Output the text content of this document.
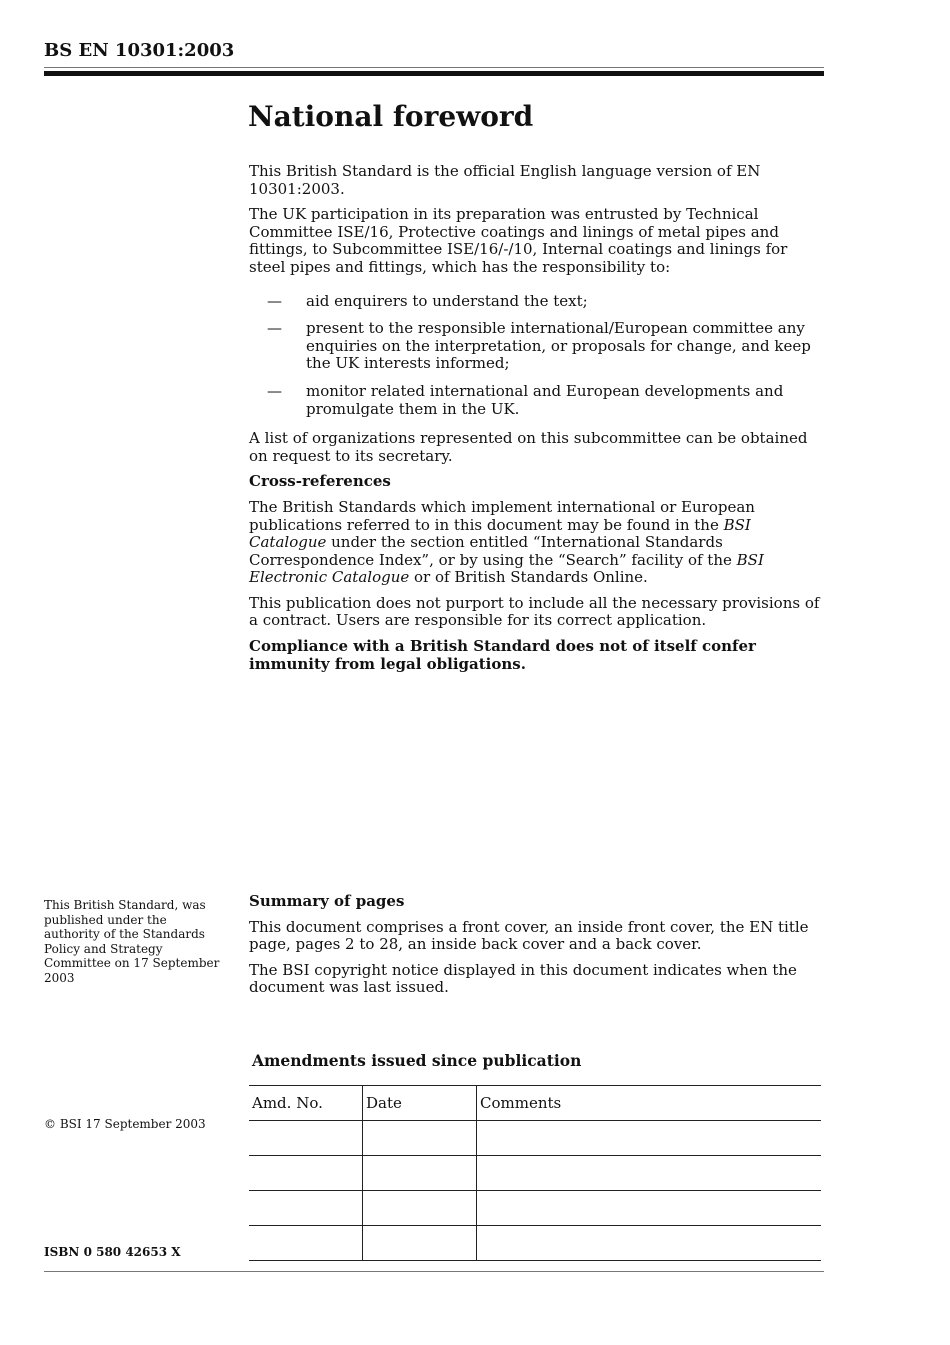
BS EN 10301:2003
National foreword

This British Standard is the official English language version of EN 10301:2003.

The UK participation in its preparation was entrusted by Technical Committee ISE/16, Protective coatings and linings of metal pipes and fittings, to Subcommittee ISE/16/-/10, Internal coatings and linings for steel pipes and fittings, which has the responsibility to:

—	aid enquirers to understand the text;
—	present to the responsible international/European committee any enquiries on the interpretation, or proposals for change, and keep the UK interests informed;
—	monitor related international and European developments and promulgate them in the UK.

A list of organizations represented on this subcommittee can be obtained on request to its secretary.

Cross-references

The British Standards which implement international or European publications referred to in this document may be found in the BSI Catalogue under the section entitled “International Standards Correspondence Index”, or by using the “Search” facility of the BSI Electronic Catalogue or of British Standards Online.

This publication does not purport to include all the necessary provisions of a contract. Users are responsible for its correct application.

Compliance with a British Standard does not of itself confer immunity from legal obligations.

This British Standard, was published under the authority of the Standards Policy and Strategy Committee on 17 September 2003

Summary of pages

This document comprises a front cover, an inside front cover, the EN title page, pages 2 to 28, an inside back cover and a back cover.

The BSI copyright notice displayed in this document indicates when the document was last issued.

Amendments issued since publication
Amd. No.	Date	Comments

© BSI 17 September 2003
ISBN 0 580 42653 X
